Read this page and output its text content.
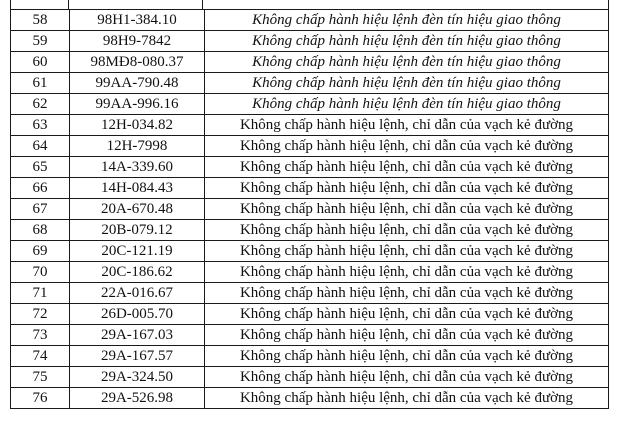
58	98H1-384.10	Không chấp hành hiệu lệnh đèn tín hiệu giao thông
59	98H9-7842	Không chấp hành hiệu lệnh đèn tín hiệu giao thông
60	98MĐ8-080.37	Không chấp hành hiệu lệnh đèn tín hiệu giao thông
61	99AA-790.48	Không chấp hành hiệu lệnh đèn tín hiệu giao thông
62	99AA-996.16	Không chấp hành hiệu lệnh đèn tín hiệu giao thông
63	12H-034.82	Không chấp hành hiệu lệnh, chỉ dẫn của vạch kẻ đường
64	12H-7998	Không chấp hành hiệu lệnh, chỉ dẫn của vạch kẻ đường
65	14A-339.60	Không chấp hành hiệu lệnh, chỉ dẫn của vạch kẻ đường
66	14H-084.43	Không chấp hành hiệu lệnh, chỉ dẫn của vạch kẻ đường
67	20A-670.48	Không chấp hành hiệu lệnh, chỉ dẫn của vạch kẻ đường
68	20B-079.12	Không chấp hành hiệu lệnh, chỉ dẫn của vạch kẻ đường
69	20C-121.19	Không chấp hành hiệu lệnh, chỉ dẫn của vạch kẻ đường
70	20C-186.62	Không chấp hành hiệu lệnh, chỉ dẫn của vạch kẻ đường
71	22A-016.67	Không chấp hành hiệu lệnh, chỉ dẫn của vạch kẻ đường
72	26D-005.70	Không chấp hành hiệu lệnh, chỉ dẫn của vạch kẻ đường
73	29A-167.03	Không chấp hành hiệu lệnh, chỉ dẫn của vạch kẻ đường
74	29A-167.57	Không chấp hành hiệu lệnh, chỉ dẫn của vạch kẻ đường
75	29A-324.50	Không chấp hành hiệu lệnh, chỉ dẫn của vạch kẻ đường
76	29A-526.98	Không chấp hành hiệu lệnh, chỉ dẫn của vạch kẻ đường
